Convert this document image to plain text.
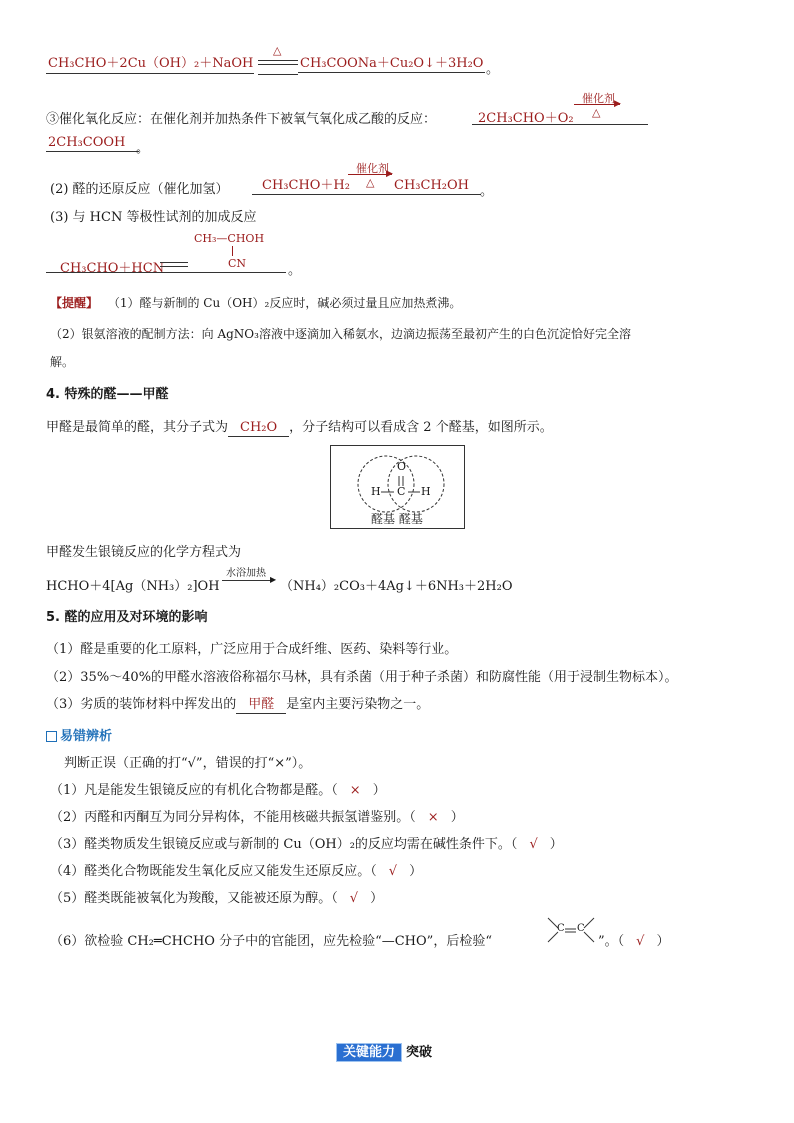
CH₃CHO＋2Cu（OH）₂＋NaOH
△
CH₃COONa＋Cu₂O↓＋3H₂O 。
③催化氧化反应：在催化剂并加热条件下被氧气氧化成乙酸的反应：	2CH₃CHO＋O₂
催化剂 ▶
△
2CH₃COOH 。
(2) 醛的还原反应（催化加氢）	CH₃CHO＋H₂
催化剂
▶
△ CH₃CH₂OH 。
(3) 与 HCN 等极性试剂的加成反应
CH₃—CHOH
CN
CH₃CHO＋HCN	。
【提醒】 （1）醛与新制的 Cu（OH）₂反应时，碱必须过量且应加热煮沸。
（2）银氨溶液的配制方法：向 AgNO₃溶液中逐滴加入稀氨水，边滴边振荡至最初产生的白色沉淀恰好完全溶
解。
4. 特殊的醛——甲醛
甲醛是最简单的醛，其分子式为 CH₂O ，分子结构可以看成含 2 个醛基，如图所示。
O
H C H
醛基 醛基
甲醛发生银镜反应的化学方程式为
HCHO＋4[Ag（NH₃）₂]OH
水浴加热
▶ （NH₄）₂CO₃＋4Ag↓＋6NH₃＋2H₂O
5. 醛的应用及对环境的影响
（1）醛是重要的化工原料，广泛应用于合成纤维、医药、染料等行业。
（2）35%～40%的甲醛水溶液俗称福尔马林，具有杀菌（用于种子杀菌）和防腐性能（用于浸制生物标本）。
（3）劣质的装饰材料中挥发出的 甲醛 是室内主要污染物之一。
易错辨析
判断正误（正确的打“√”，错误的打“×”）。
（1）凡是能发生银镜反应的有机化合物都是醛。（ × ）
（2）丙醛和丙酮互为同分异构体，不能用核磁共振氢谱鉴别。（ × ）
（3）醛类物质发生银镜反应或与新制的 Cu（OH）₂的反应均需在碱性条件下。（ √ ）
（4）醛类化合物既能发生氧化反应又能发生还原反应。（ √ ）
（5）醛类既能被氧化为羧酸，又能被还原为醇。（ √ ）
（6）欲检验 CH₂═CHCHO 分子中的官能团，应先检验“—CHO”，后检验“
C C
”。（ √ ）
关键能力 突破
